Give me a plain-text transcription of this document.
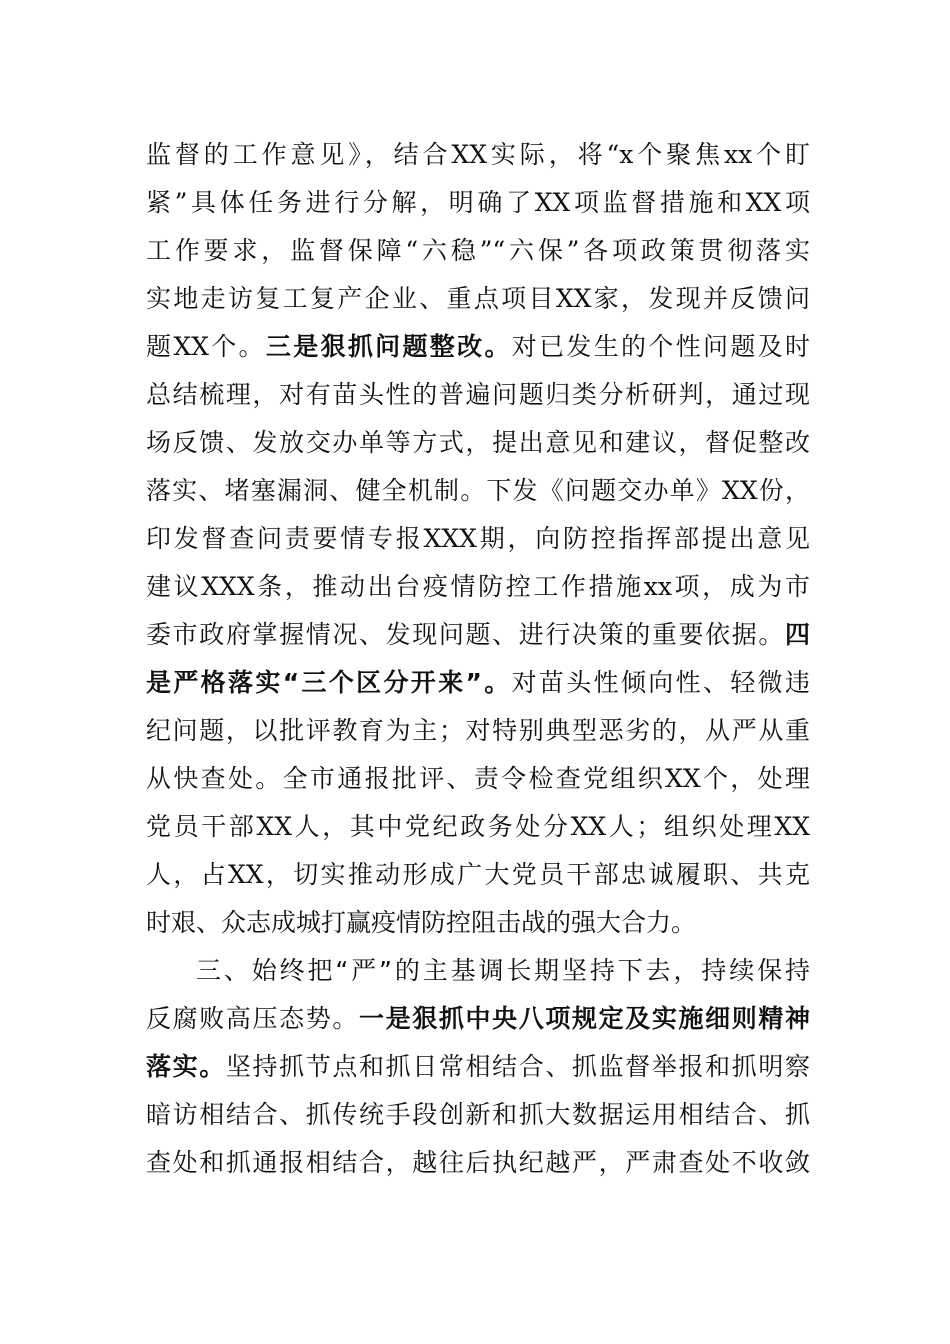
监督的工作意见》，结合XX实际，将“x个聚焦xx个盯
紧”具体任务进行分解，明确了XX项监督措施和XX项
工作要求，监督保障“六稳”“六保”各项政策贯彻落实
实地走访复工复产企业、重点项目XX家，发现并反馈问
题XX个。三是狠抓问题整改。对已发生的个性问题及时
总结梳理，对有苗头性的普遍问题归类分析研判，通过现
场反馈、发放交办单等方式，提出意见和建议，督促整改
落实、堵塞漏洞、健全机制。下发《问题交办单》XX份，
印发督查问责要情专报XXX期，向防控指挥部提出意见
建议XXX条，推动出台疫情防控工作措施xx项，成为市
委市政府掌握情况、发现问题、进行决策的重要依据。四
是严格落实“三个区分开来”。对苗头性倾向性、轻微违
纪问题，以批评教育为主；对特别典型恶劣的，从严从重
从快查处。全市通报批评、责令检查党组织XX个，处理
党员干部XX人，其中党纪政务处分XX人；组织处理XX
人，占XX，切实推动形成广大党员干部忠诚履职、共克
时艰、众志成城打赢疫情防控阻击战的强大合力。
三、始终把“严”的主基调长期坚持下去，持续保持
反腐败高压态势。一是狠抓中央八项规定及实施细则精神
落实。坚持抓节点和抓日常相结合、抓监督举报和抓明察
暗访相结合、抓传统手段创新和抓大数据运用相结合、抓
查处和抓通报相结合，越往后执纪越严，严肃查处不收敛
